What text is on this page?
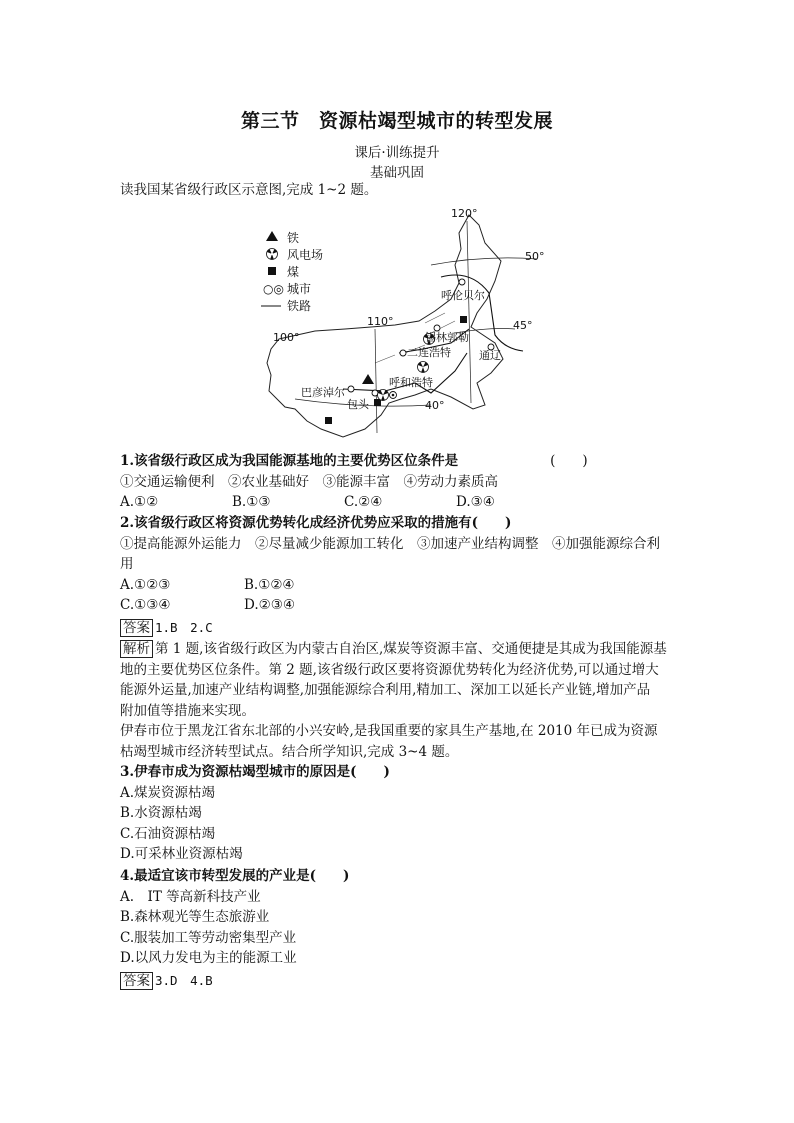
第三节　资源枯竭型城市的转型发展
课后·训练提升
基础巩固
读我国某省级行政区示意图,完成 1~2 题。
铁
风电场
煤
○◎ 城市
铁路
120°
110°
100°
50°
45°
40°
呼伦贝尔
锡林郭勒
通辽
二连浩特
呼和浩特
巴彦淖尔
包头
1.该省级行政区成为我国能源基地的主要优势区位条件是	(　　)
①交通运输便利　②农业基础好　③能源丰富　④劳动力素质高
A.①②	B.①③	C.②④	D.③④
2.该省级行政区将资源优势转化成经济优势应采取的措施有(　　)
①提高能源外运能力　②尽量减少能源加工转化　③加速产业结构调整　④加强能源综合利
用
A.①②③	B.①②④
C.①③④	D.②③④
答案 1.B　2.C
解析 第 1 题,该省级行政区为内蒙古自治区,煤炭等资源丰富、交通便捷是其成为我国能源基
地的主要优势区位条件。第 2 题,该省级行政区要将资源优势转化为经济优势,可以通过增大
能源外运量,加速产业结构调整,加强能源综合利用,精加工、深加工以延长产业链,增加产品
附加值等措施来实现。
伊春市位于黑龙江省东北部的小兴安岭,是我国重要的家具生产基地,在 2010 年已成为资源
枯竭型城市经济转型试点。结合所学知识,完成 3~4 题。
3.伊春市成为资源枯竭型城市的原因是(　　)
A.煤炭资源枯竭
B.水资源枯竭
C.石油资源枯竭
D.可采林业资源枯竭
4.最适宜该市转型发展的产业是(　　)
A.　IT 等高新科技产业
B.森林观光等生态旅游业
C.服装加工等劳动密集型产业
D.以风力发电为主的能源工业
答案 3.D　4.B
